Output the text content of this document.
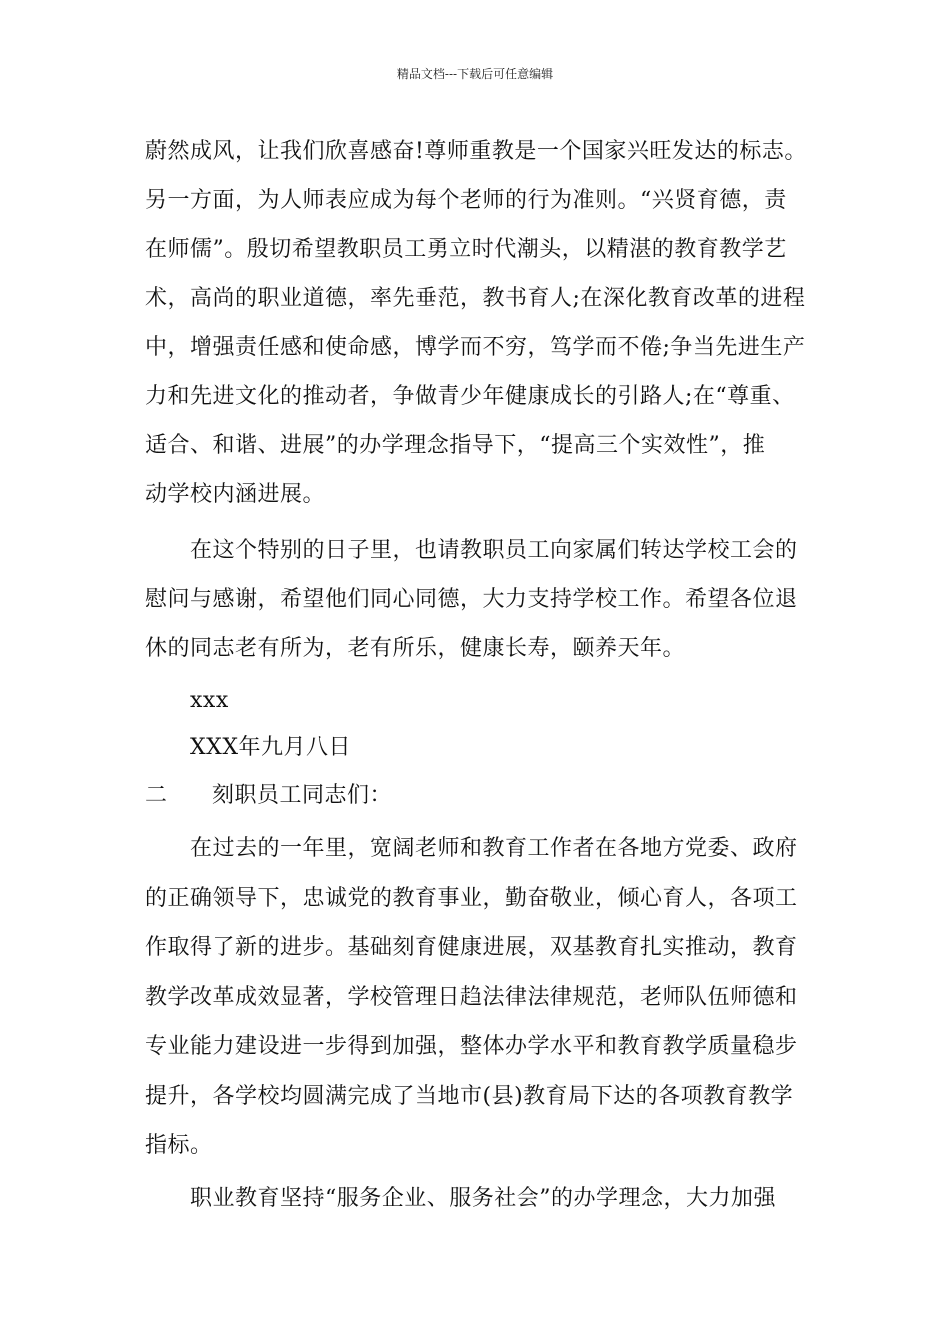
精品文档---下载后可任意编辑
蔚然成风，让我们欣喜感奋!尊师重教是一个国家兴旺发达的标志。
另一方面，为人师表应成为每个老师的行为准则。“兴贤育德，责
在师儒”。殷切希望教职员工勇立时代潮头，以精湛的教育教学艺
术，高尚的职业道德，率先垂范，教书育人;在深化教育改革的进程
中，增强责任感和使命感，博学而不穷，笃学而不倦;争当先进生产
力和先进文化的推动者，争做青少年健康成长的引路人;在“尊重、
适合、和谐、进展”的办学理念指导下，“提高三个实效性”，推
动学校内涵进展。
在这个特别的日子里，也请教职员工向家属们转达学校工会的
慰问与感谢，希望他们同心同德，大力支持学校工作。希望各位退
休的同志老有所为，老有所乐，健康长寿，颐养天年。
xxx
XXX年九月八日
二 刻职员工同志们：
在过去的一年里，宽阔老师和教育工作者在各地方党委、政府
的正确领导下，忠诚党的教育事业，勤奋敬业，倾心育人，各项工
作取得了新的进步。基础刻育健康进展，双基教育扎实推动，教育
教学改革成效显著，学校管理日趋法律法律规范，老师队伍师德和
专业能力建设进一步得到加强，整体办学水平和教育教学质量稳步
提升，各学校均圆满完成了当地市(县)教育局下达的各项教育教学
指标。
职业教育坚持“服务企业、服务社会”的办学理念，大力加强
